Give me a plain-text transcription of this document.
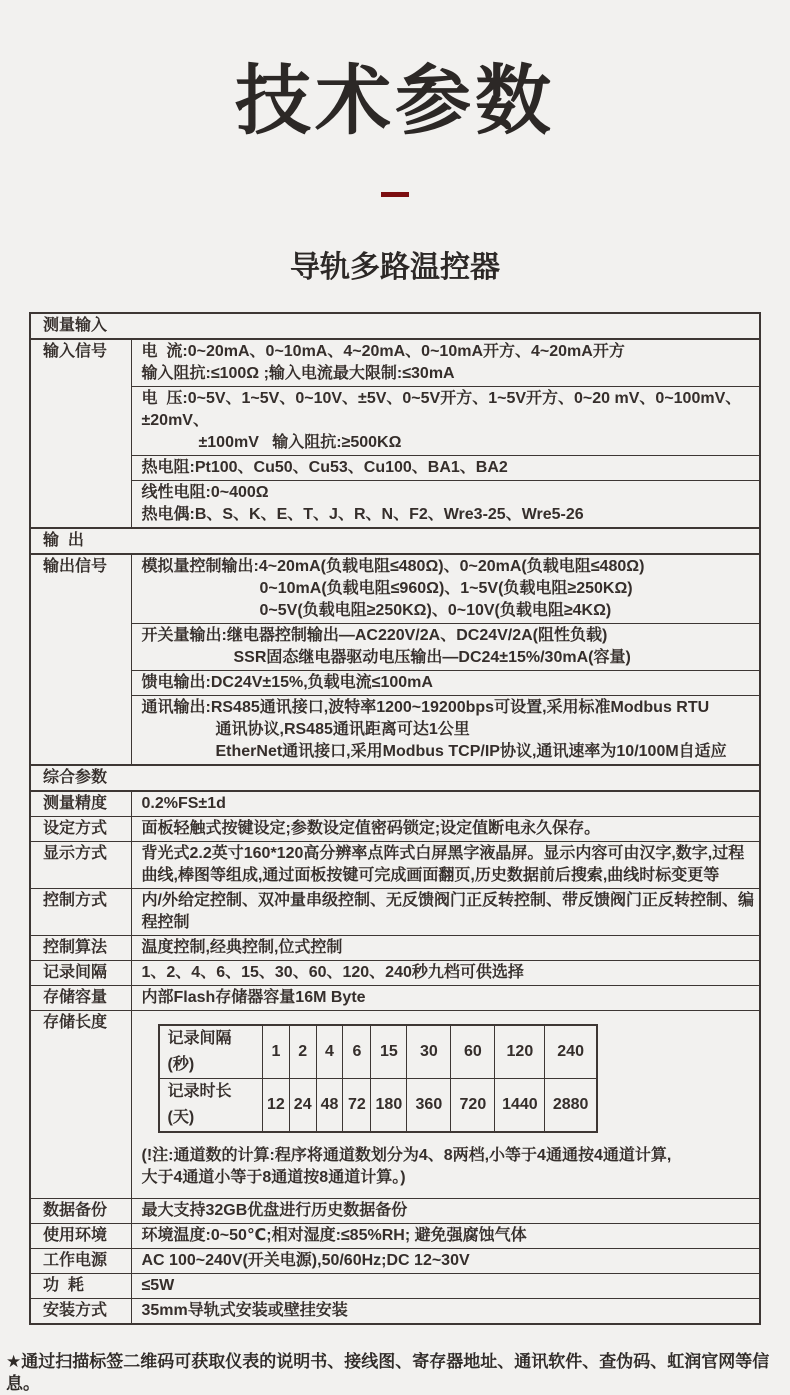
技术参数
导轨多路温控器
测量输入

输入信号	电  流:0~20mA、0~10mA、4~20mA、0~10mA开方、4~20mA开方
输入阻抗:≤100Ω ;输入电流最大限制:≤30mA

电  压:0~5V、1~5V、0~10V、±5V、0~5V开方、1~5V开方、0~20 mV、0~100mV、±20mV、
±100mV   输入阻抗:≥500KΩ

热电阻:Pt100、Cu50、Cu53、Cu100、BA1、BA2

线性电阻:0~400Ω
热电偶:B、S、K、E、T、J、R、N、F2、Wre3-25、Wre5-26

输  出

输出信号	模拟量控制输出:4~20mA(负载电阻≤480Ω)、0~20mA(负载电阻≤480Ω)
0~10mA(负载电阻≤960Ω)、1~5V(负载电阻≥250KΩ)
0~5V(负载电阻≥250KΩ)、0~10V(负载电阻≥4KΩ)

开关量输出:继电器控制输出—AC220V/2A、DC24V/2A(阻性负载)
SSR固态继电器驱动电压输出—DC24±15%/30mA(容量)

馈电输出:DC24V±15%,负载电流≤100mA

通讯输出:RS485通讯接口,波特率1200~19200bps可设置,采用标准Modbus RTU
通讯协议,RS485通讯距离可达1公里
EtherNet通讯接口,采用Modbus TCP/IP协议,通讯速率为10/100M自适应

综合参数

测量精度	0.2%FS±1d

设定方式	面板轻触式按键设定;参数设定值密码锁定;设定值断电永久保存。

显示方式	背光式2.2英寸160*120高分辨率点阵式白屏黑字液晶屏。显示内容可由汉字,数字,过程
曲线,棒图等组成,通过面板按键可完成画面翻页,历史数据前后搜索,曲线时标变更等

控制方式	内/外给定控制、双冲量串级控制、无反馈阀门正反转控制、带反馈阀门正反转控制、编程控制

控制算法	温度控制,经典控制,位式控制

记录间隔	1、2、4、6、15、30、60、120、240秒九档可供选择

存储容量	内部Flash存储器容量16M Byte

存储长度

记录间隔(秒)	1	2	4	6	15	30	60	120	240
记录时长(天)	12	24	48	72	180	360	720	1440	2880
(!注:通道数的计算:程序将通道数划分为4、8两档,小等于4通通按4通道计算,
大于4通道小等于8通道按8通道计算。)

数据备份	最大支持32GB优盘进行历史数据备份

使用环境	环境温度:0~50℃;相对湿度:≤85%RH; 避免强腐蚀气体

工作电源	AC 100~240V(开关电源),50/60Hz;DC 12~30V

功  耗	≤5W

安装方式	35mm导轨式安装或壁挂安装

★通过扫描标签二维码可获取仪表的说明书、接线图、寄存器地址、通讯软件、查伪码、虹润官网等信息。
